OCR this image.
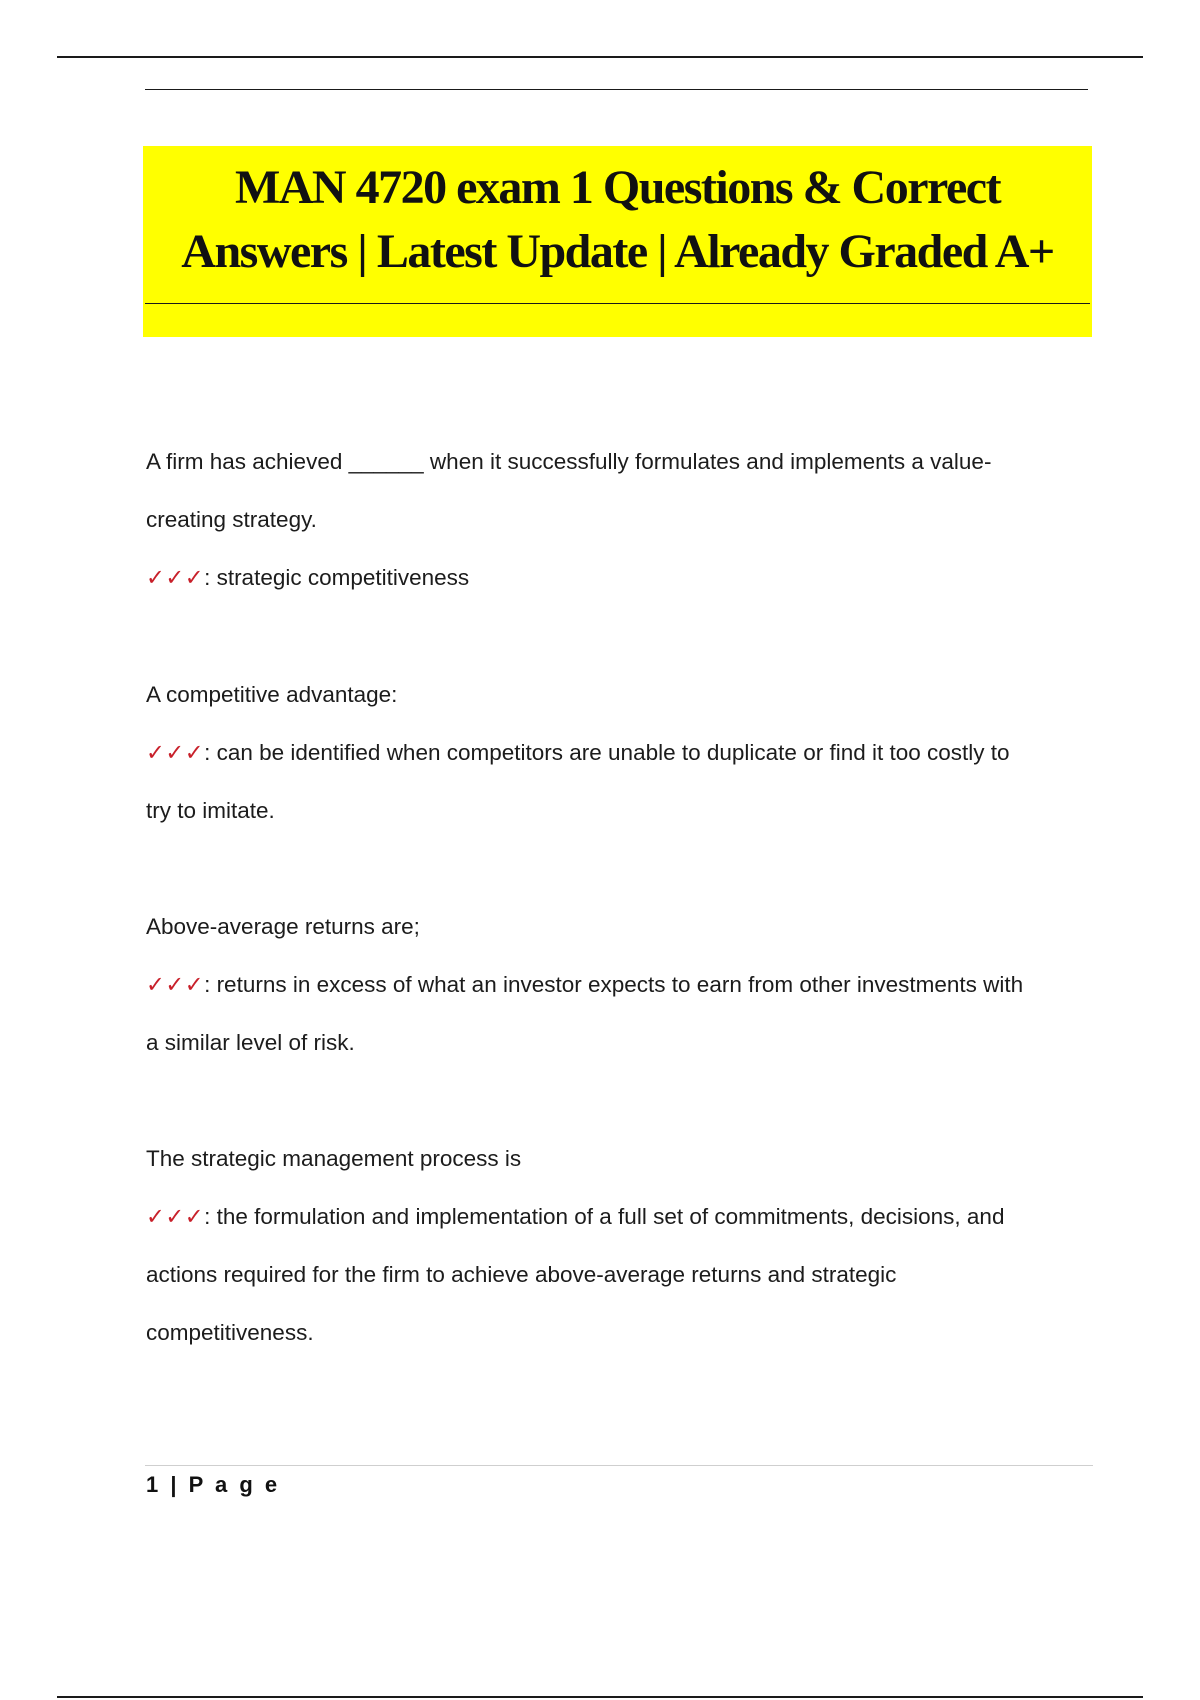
MAN 4720 exam 1 Questions & Correct
Answers | Latest Update | Already Graded A+
A firm has achieved ______ when it successfully formulates and implements a value-
creating strategy.
✓✓✓: strategic competitiveness
A competitive advantage:
✓✓✓: can be identified when competitors are unable to duplicate or find it too costly to
try to imitate.
Above-average returns are;
✓✓✓: returns in excess of what an investor expects to earn from other investments with
a similar level of risk.
The strategic management process is
✓✓✓: the formulation and implementation of a full set of commitments, decisions, and
actions required for the firm to achieve above-average returns and strategic
competitiveness.
1 | P a g e
